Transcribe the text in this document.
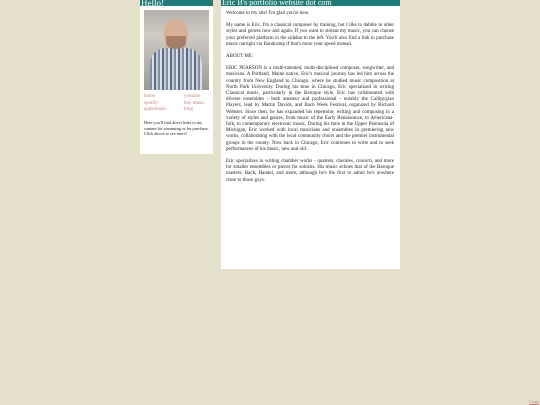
Hello!
home	youtube
spotify	buy music
applemusic	blog
Here you'll find direct links to my content for streaming or for purchase. Click above to see more!
Eric B's portfolio website dot com

Welcome to my site! I'm glad you're here.

My name is Eric. I'm a classical composer by training, but I like to dabble in other styles and genres now and again. If you want to stream my music, you can choose your preferred platform in the sidebar to the left. You'll also find a link to purchase music outright via Bandcamp if that's more your speed instead.

ABOUT ME:

ERIC PEARSON is a multi-talented, multi-disciplined composer, songwriter, and musician. A Portland, Maine native, Eric's musical journey has led him across the country from New England to Chicago, where he studied music composition at North Park University. During his time in Chicago, Eric specialized in writing Classical music, particularly in the Baroque style. Eric has collaborated with diverse ensembles - both amateur and professional - notably the Callipygian Players, lead by Martin Davids, and Bach Week Festival, organized by Richard Webster. Since then, he has expanded his repertoire, writing and composing in a variety of styles and genres, from music of the Early Renaissance, to Americana-folk, to contemporary electronic music. During his time in the Upper Peninsula of Michigan, Eric worked with local musicians and ensembles in premiering new works, collaborating with the local community choirs and the premier instrumental groups in the county. Now back in Chicago, Eric continues to write and to seek performances of his music, new and old.

Eric specializes in writing chamber works - quartets, chorales, concerti, and more for smaller ensembles or pieces for soloists. His music echoes that of the Baroque masters: Bach, Handel, and more, although he's the first to admit he's nowhere close to those guys.

Cargo
